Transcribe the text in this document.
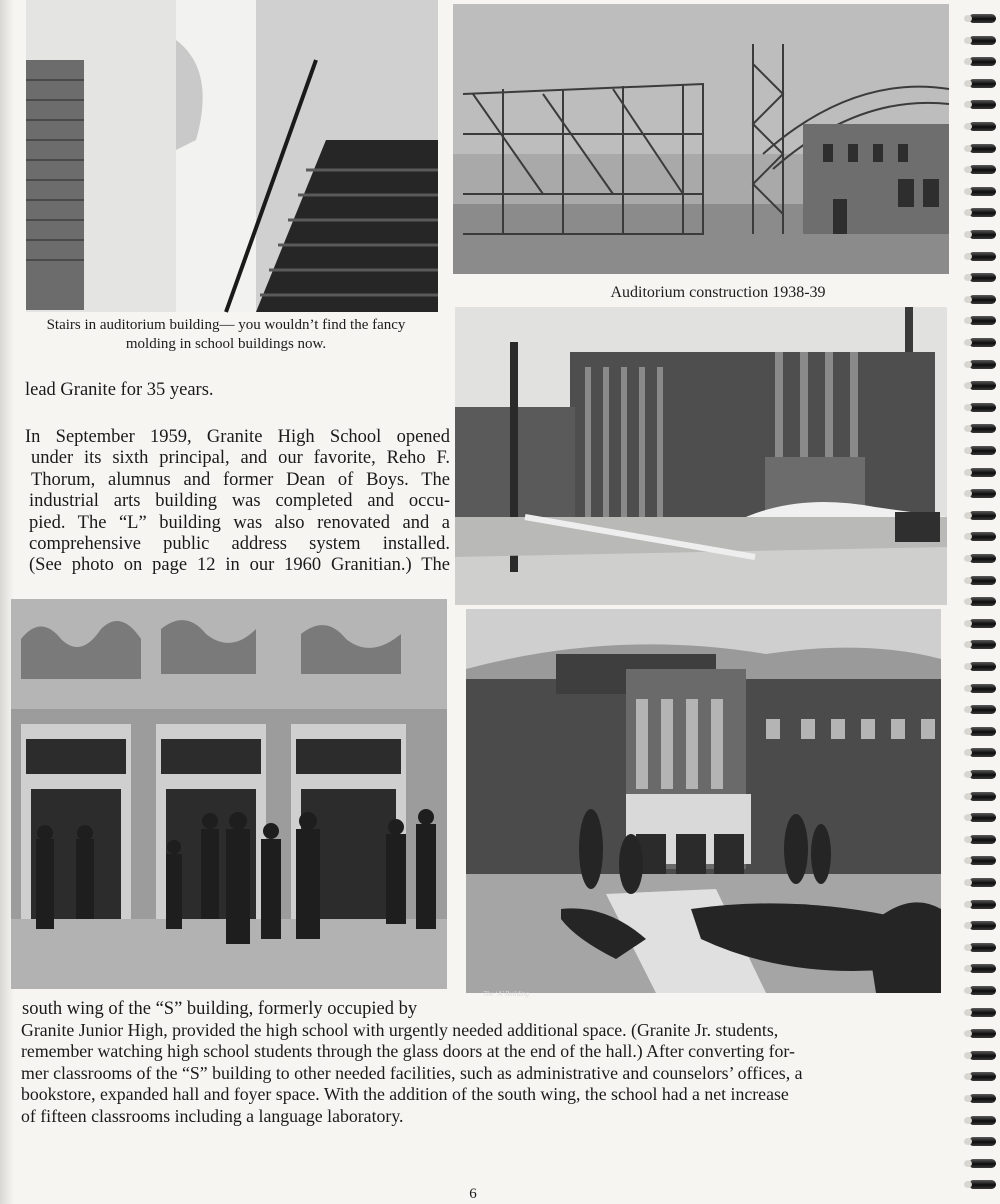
Stairs in auditorium building— you wouldn’t find the fancy
molding in school buildings now.
Auditorium construction 1938-39
The ‘A’ Building

lead Granite for 35 years.

In September 1959, Granite High School opened
under its sixth principal, and our favorite, Reho F.
Thorum, alumnus and former Dean of Boys. The
industrial arts building was completed and occu-
pied. The “L” building was also renovated and a
comprehensive public address system installed.
(See photo on page 12 in our 1960 Granitian.) The

south wing of the “S” building, formerly occupied by

Granite Junior High, provided the high school with urgently needed additional space. (Granite Jr. students,
remember watching high school students through the glass doors at the end of the hall.) After converting for-
mer classrooms of the “S” building to other needed facilities, such as administrative and counselors’ offices, a
bookstore, expanded hall and foyer space. With the addition of the south wing, the school had a net increase
of fifteen classrooms including a language laboratory.
6
